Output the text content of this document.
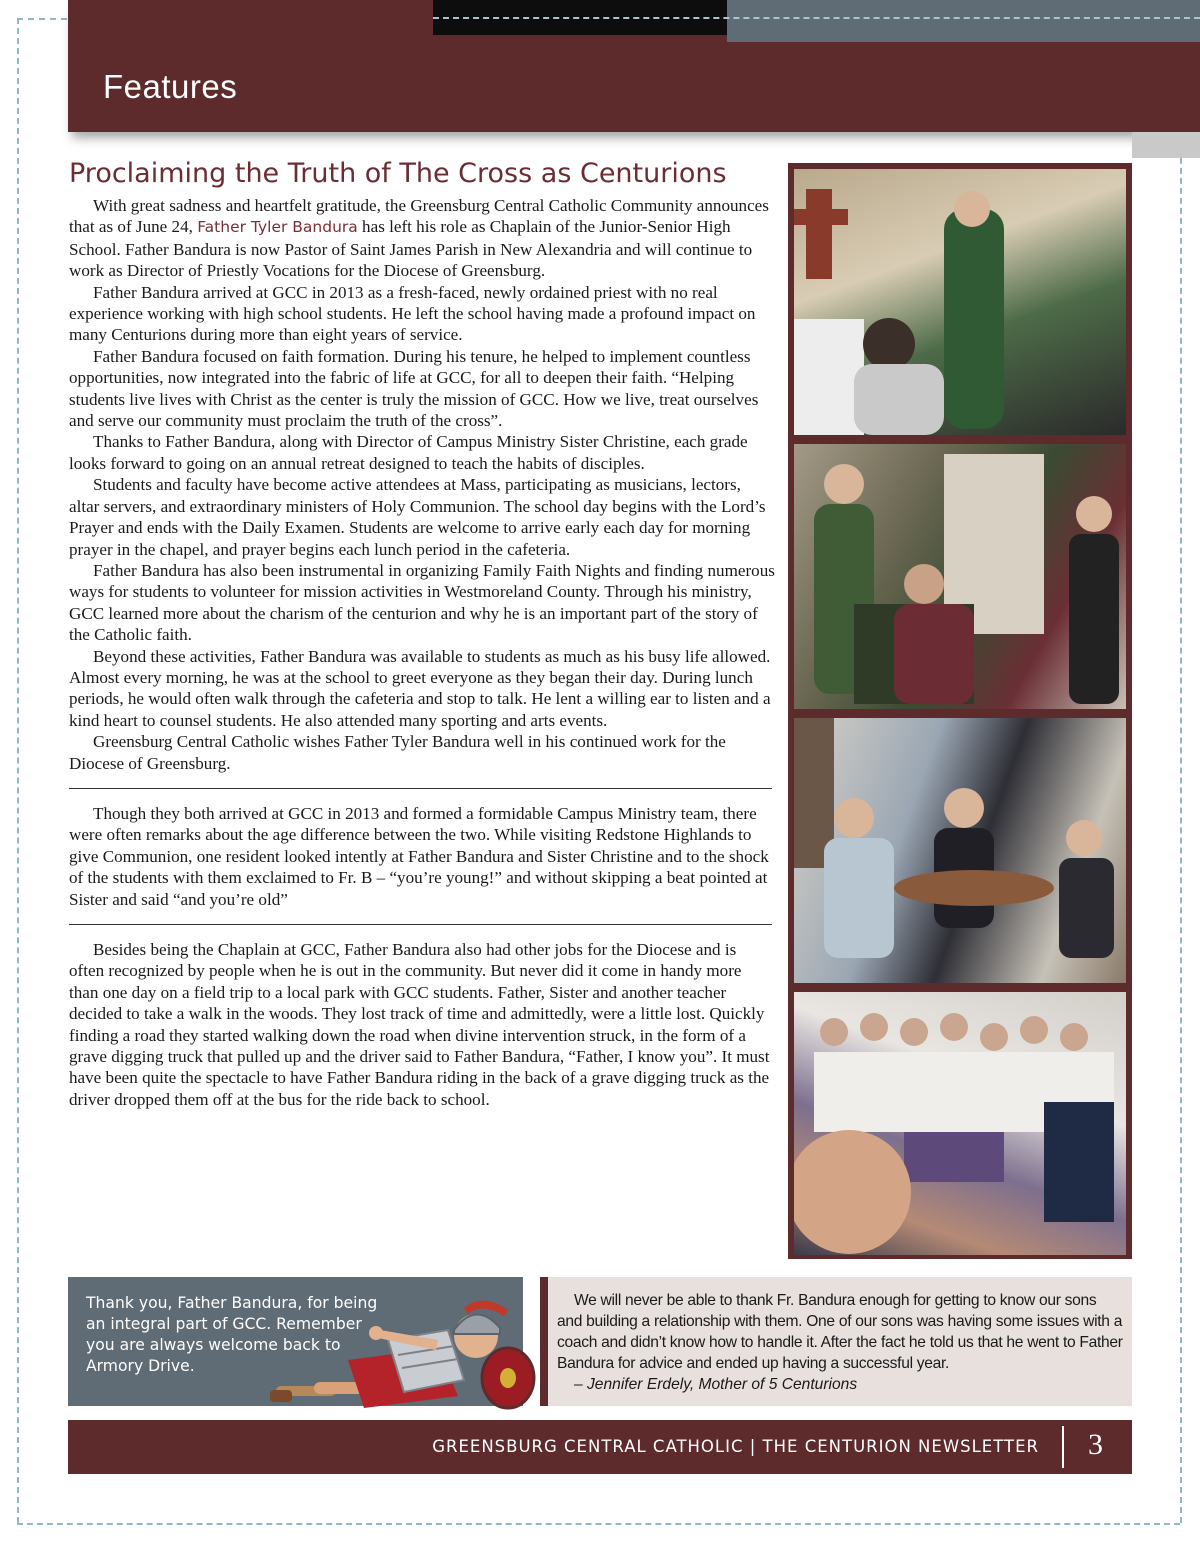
Features
Proclaiming the Truth of The Cross as Centurions

With great sadness and heartfelt gratitude, the Greensburg Central Catholic Community announces that as of June 24, Father Tyler Bandura has left his role as Chaplain of the Junior-Senior High School. Father Bandura is now Pastor of Saint James Parish in New Alexandria and will continue to work as Director of Priestly Vocations for the Diocese of Greensburg.

Father Bandura arrived at GCC in 2013 as a fresh-faced, newly ordained priest with no real experience working with high school students. He left the school having made a profound impact on many Centurions during more than eight years of service.

Father Bandura focused on faith formation. During his tenure, he helped to implement countless opportunities, now integrated into the fabric of life at GCC, for all to deepen their faith. “Helping students live lives with Christ as the center is truly the mission of GCC. How we live, treat ourselves and serve our community must proclaim the truth of the cross”.

Thanks to Father Bandura, along with Director of Campus Ministry Sister Christine, each grade looks forward to going on an annual retreat designed to teach the habits of disciples.

Students and faculty have become active attendees at Mass, participating as musicians, lectors, altar servers, and extraordinary ministers of Holy Communion. The school day begins with the Lord’s Prayer and ends with the Daily Examen. Students are welcome to arrive early each day for morning prayer in the chapel, and prayer begins each lunch period in the cafeteria.

Father Bandura has also been instrumental in organizing Family Faith Nights and finding numerous ways for students to volunteer for mission activities in Westmoreland County. Through his ministry, GCC learned more about the charism of the centurion and why he is an important part of the story of the Catholic faith.

Beyond these activities, Father Bandura was available to students as much as his busy life allowed. Almost every morning, he was at the school to greet everyone as they began their day. During lunch periods, he would often walk through the cafeteria and stop to talk. He lent a willing ear to listen and a kind heart to counsel students. He also attended many sporting and arts events.

Greensburg Central Catholic wishes Father Tyler Bandura well in his continued work for the Diocese of Greensburg.

Though they both arrived at GCC in 2013 and formed a formidable Campus Ministry team, there were often remarks about the age difference between the two. While visiting Redstone Highlands to give Communion, one resident looked intently at Father Bandura and Sister Christine and to the shock of the students with them exclaimed to Fr. B – “you’re young!” and without skipping a beat pointed at Sister and said “and you’re old”

Besides being the Chaplain at GCC, Father Bandura also had other jobs for the Diocese and is often recognized by people when he is out in the community. But never did it come in handy more than one day on a field trip to a local park with GCC students. Father, Sister and another teacher decided to take a walk in the woods. They lost track of time and admittedly, were a little lost. Quickly finding a road they started walking down the road when divine intervention struck, in the form of a grave digging truck that pulled up and the driver said to Father Bandura, “Father, I know you”. It must have been quite the spectacle to have Father Bandura riding in the back of a grave digging truck as the driver dropped them off at the bus for the ride back to school.

Thank you, Father Bandura, for being an integral part of GCC. Remember you are always welcome back to Armory Drive.

We will never be able to thank Fr. Bandura enough for getting to know our sons and building a relationship with them. One of our sons was having some issues with a coach and didn’t know how to handle it. After the fact he told us that he went to Father Bandura for advice and ended up having a successful year.

– Jennifer Erdely, Mother of 5 Centurions

GREENSBURG CENTRAL CATHOLIC | THE CENTURION NEWSLETTER 3
